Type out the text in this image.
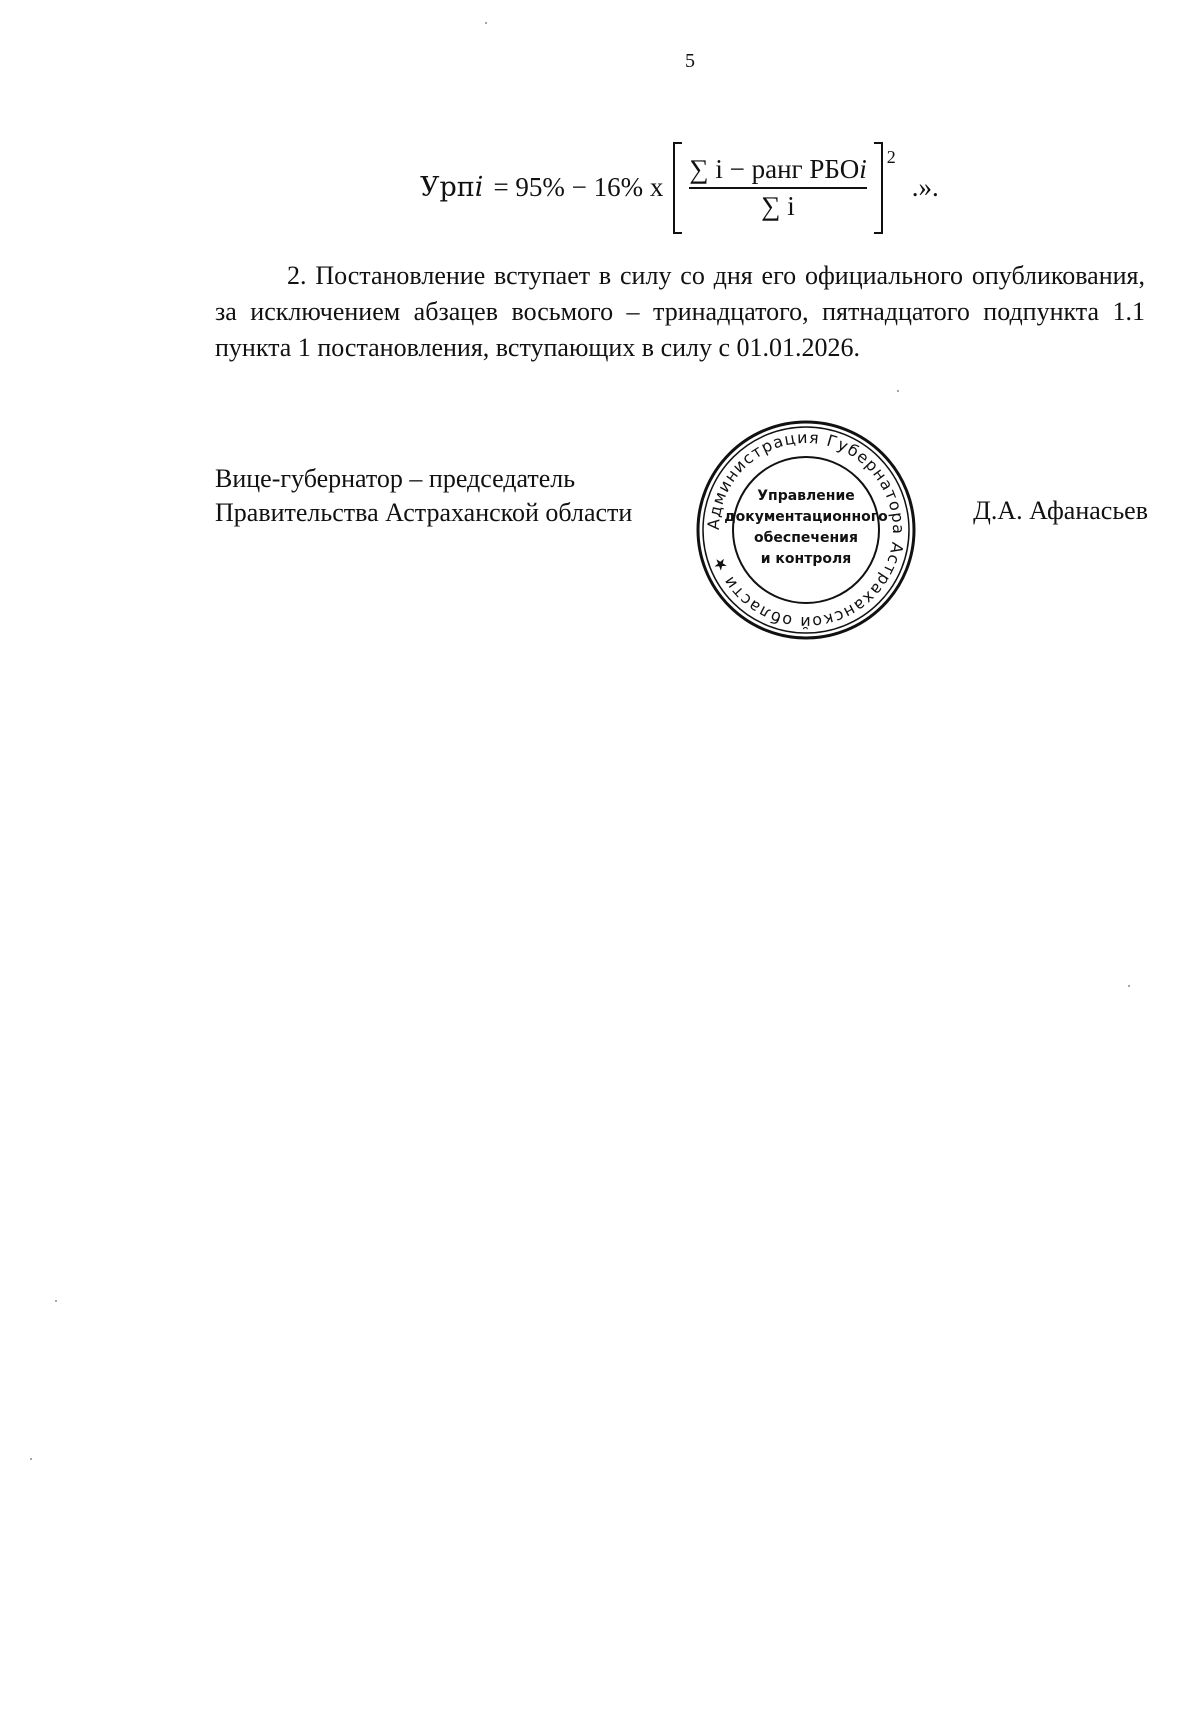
5
Урпi = 95% − 16% x $\frac{\text{∑ i − ранг РБОi}}{\sum i} 2$
.».
2. Постановление вступает в силу со дня его официального опубликования, за исключением абзацев восьмого – тринадцатого, пятнадцатого подпункта 1.1 пункта 1 постановления, вступающих в силу с 01.01.2026.
Вице-губернатор – председатель
Правительства Астраханской области	Д.А. Афанасьев
Администрация Губернатора Астраханской области ★
Управление
документационного
обеспечения
и контроля
